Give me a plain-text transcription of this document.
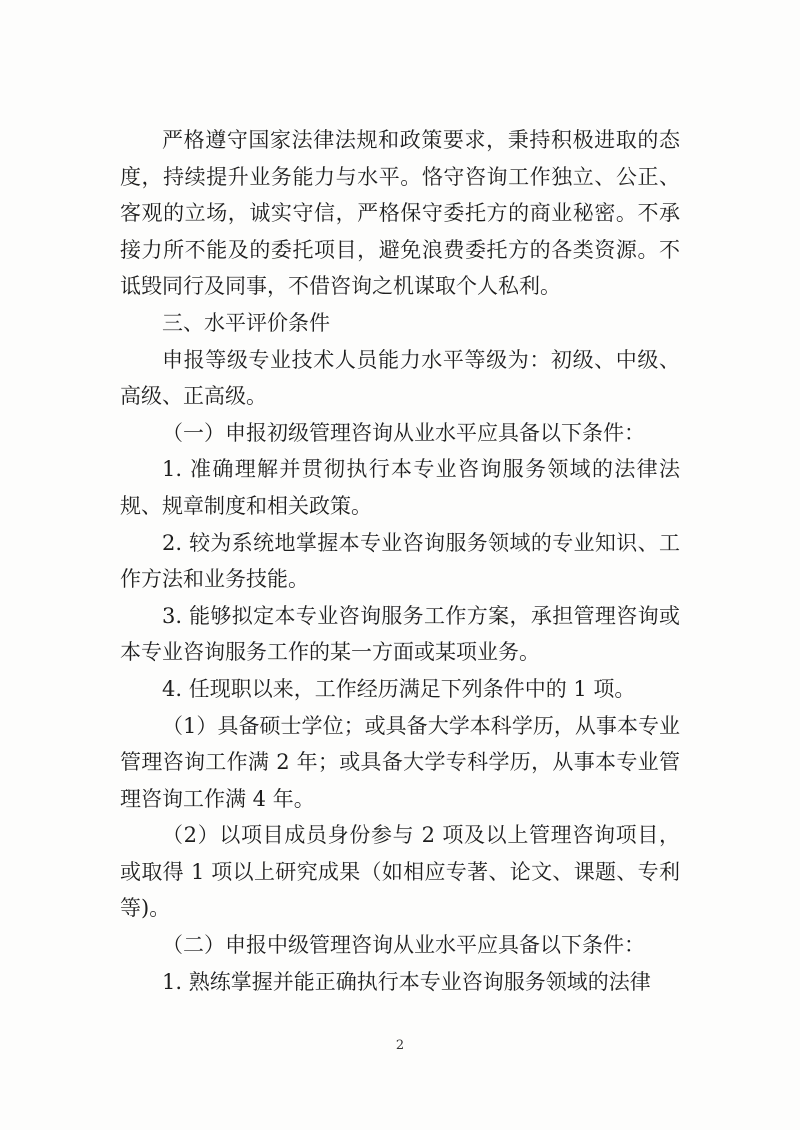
严格遵守国家法律法规和政策要求，秉持积极进取的态度，持续提升业务能力与水平。恪守咨询工作独立、公正、客观的立场，诚实守信，严格保守委托方的商业秘密。不承接力所不能及的委托项目，避免浪费委托方的各类资源。不诋毁同行及同事，不借咨询之机谋取个人私利。

三、水平评价条件

申报等级专业技术人员能力水平等级为：初级、中级、高级、正高级。

（一）申报初级管理咨询从业水平应具备以下条件：

1. 准确理解并贯彻执行本专业咨询服务领域的法律法规、规章制度和相关政策。

2. 较为系统地掌握本专业咨询服务领域的专业知识、工作方法和业务技能。

3. 能够拟定本专业咨询服务工作方案，承担管理咨询或本专业咨询服务工作的某一方面或某项业务。

4. 任现职以来，工作经历满足下列条件中的 1 项。

（1）具备硕士学位；或具备大学本科学历，从事本专业管理咨询工作满 2 年；或具备大学专科学历，从事本专业管理咨询工作满 4 年。

（2）以项目成员身份参与 2 项及以上管理咨询项目，或取得 1 项以上研究成果（如相应专著、论文、课题、专利等)。

（二）申报中级管理咨询从业水平应具备以下条件：

1. 熟练掌握并能正确执行本专业咨询服务领域的法律

2
